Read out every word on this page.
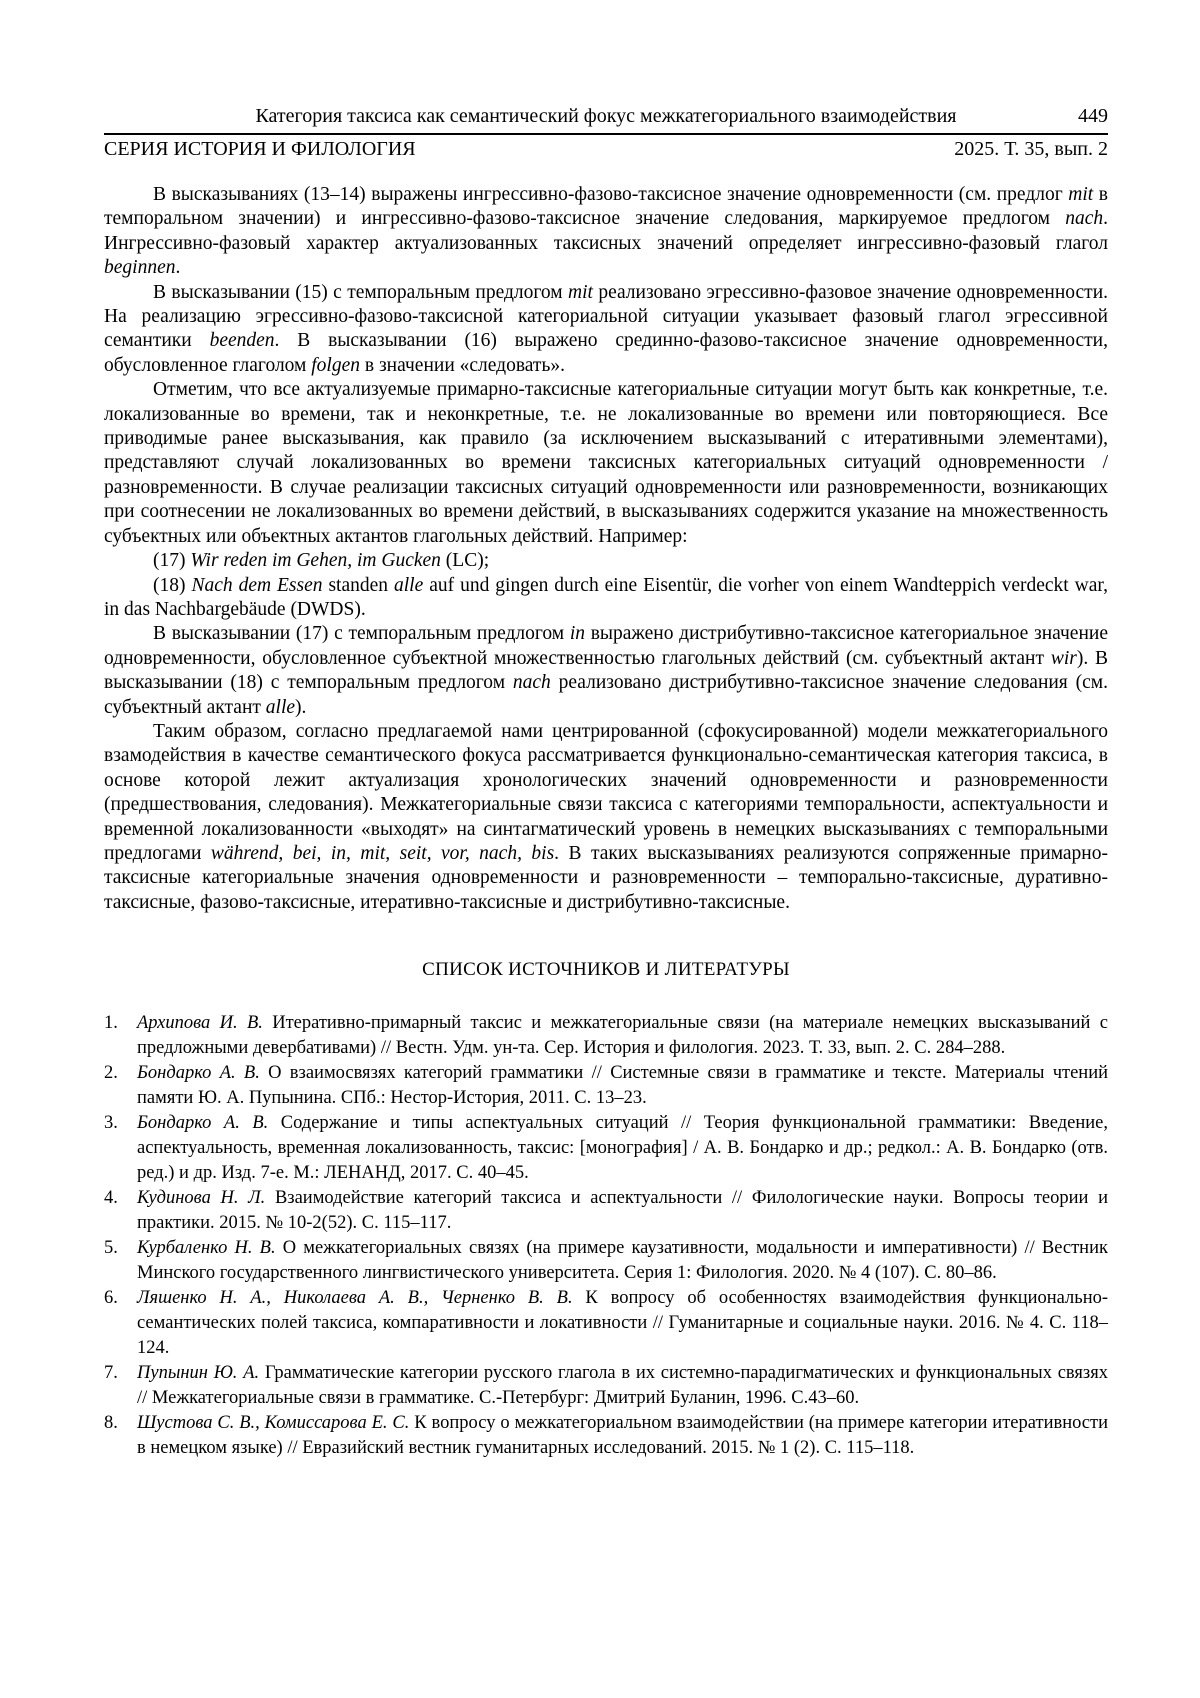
Категория таксиса как семантический фокус межкатегориального взаимодействия	449
СЕРИЯ ИСТОРИЯ И ФИЛОЛОГИЯ	2025. Т. 35, вып. 2

В высказываниях (13–14) выражены ингрессивно-фазово-таксисное значение одновременности (см. предлог mit в темпоральном значении) и ингрессивно-фазово-таксисное значение следования, маркируемое предлогом nach. Ингрессивно-фазовый характер актуализованных таксисных значений определяет ингрессивно-фазовый глагол beginnen.

В высказывании (15) с темпоральным предлогом mit реализовано эгрессивно-фазовое значение одновременности. На реализацию эгрессивно-фазово-таксисной категориальной ситуации указывает фазовый глагол эгрессивной семантики beenden. В высказывании (16) выражено срединно-фазово-таксисное значение одновременности, обусловленное глаголом folgen в значении «следовать».

Отметим, что все актуализуемые примарно-таксисные категориальные ситуации могут быть как конкретные, т.е. локализованные во времени, так и неконкретные, т.е. не локализованные во времени или повторяющиеся. Все приводимые ранее высказывания, как правило (за исключением высказываний с итеративными элементами), представляют случай локализованных во времени таксисных категориальных ситуаций одновременности / разновременности. В случае реализации таксисных ситуаций одновременности или разновременности, возникающих при соотнесении не локализованных во времени действий, в высказываниях содержится указание на множественность субъектных или объектных актантов глагольных действий. Например:

(17) Wir reden im Gehen, im Gucken (LC);

(18) Nach dem Essen standen alle auf und gingen durch eine Eisentür, die vorher von einem Wandteppich verdeckt war, in das Nachbargebäude (DWDS).

В высказывании (17) с темпоральным предлогом in выражено дистрибутивно-таксисное категориальное значение одновременности, обусловленное субъектной множественностью глагольных действий (см. субъектный актант wir). В высказывании (18) с темпоральным предлогом nach реализовано дистрибутивно-таксисное значение следования (см. субъектный актант alle).

Таким образом, согласно предлагаемой нами центрированной (сфокусированной) модели межкатегориального взамодействия в качестве семантического фокуса рассматривается функционально-семантическая категория таксиса, в основе которой лежит актуализация хронологических значений одновременности и разновременности (предшествования, следования). Межкатегориальные связи таксиса с категориями темпоральности, аспектуальности и временной локализованности «выходят» на синтагматический уровень в немецких высказываниях с темпоральными предлогами während, bei, in, mit, seit, vor, nach, bis. В таких высказываниях реализуются сопряженные примарно-таксисные категориальные значения одновременности и разновременности – темпорально-таксисные, дуративно-таксисные, фазово-таксисные, итеративно-таксисные и дистрибутивно-таксисные.

СПИСОК ИСТОЧНИКОВ И ЛИТЕРАТУРЫ
1. Архипова И. В. Итеративно-примарный таксис и межкатегориальные связи (на материале немецких высказываний с предложными девербативами) // Вестн. Удм. ун-та. Сер. История и филология. 2023. Т. 33, вып. 2. С. 284–288.
2. Бондарко А. В. О взаимосвязях категорий грамматики // Системные связи в грамматике и тексте. Материалы чтений памяти Ю. А. Пупынина. СПб.: Нестор-История, 2011. С. 13–23.
3. Бондарко А. В. Содержание и типы аспектуальных ситуаций // Теория функциональной грамматики: Введение, аспектуальность, временная локализованность, таксис: [монография] / А. В. Бондарко и др.; редкол.: А. В. Бондарко (отв. ред.) и др. Изд. 7-е. М.: ЛЕНАНД, 2017. С. 40–45.
4. Кудинова Н. Л. Взаимодействие категорий таксиса и аспектуальности // Филологические науки. Вопросы теории и практики. 2015. № 10-2(52). С. 115–117.
5. Курбаленко Н. В. О межкатегориальных связях (на примере каузативности, модальности и императивности) // Вестник Минского государственного лингвистического университета. Серия 1: Филология. 2020. № 4 (107). С. 80–86.
6. Ляшенко Н. А., Николаева А. В., Черненко В. В. К вопросу об особенностях взаимодействия функционально-семантических полей таксиса, компаративности и локативности // Гуманитарные и социальные науки. 2016. № 4. С. 118–124.
7. Пупынин Ю. А. Грамматические категории русского глагола в их системно-парадигматических и функциональных связях // Межкатегориальные связи в грамматике. С.-Петербург: Дмитрий Буланин, 1996. С.43–60.
8. Шустова С. В., Комиссарова Е. С. К вопросу о межкатегориальном взаимодействии (на примере категории итеративности в немецком языке) // Евразийский вестник гуманитарных исследований. 2015. № 1 (2). С. 115–118.
